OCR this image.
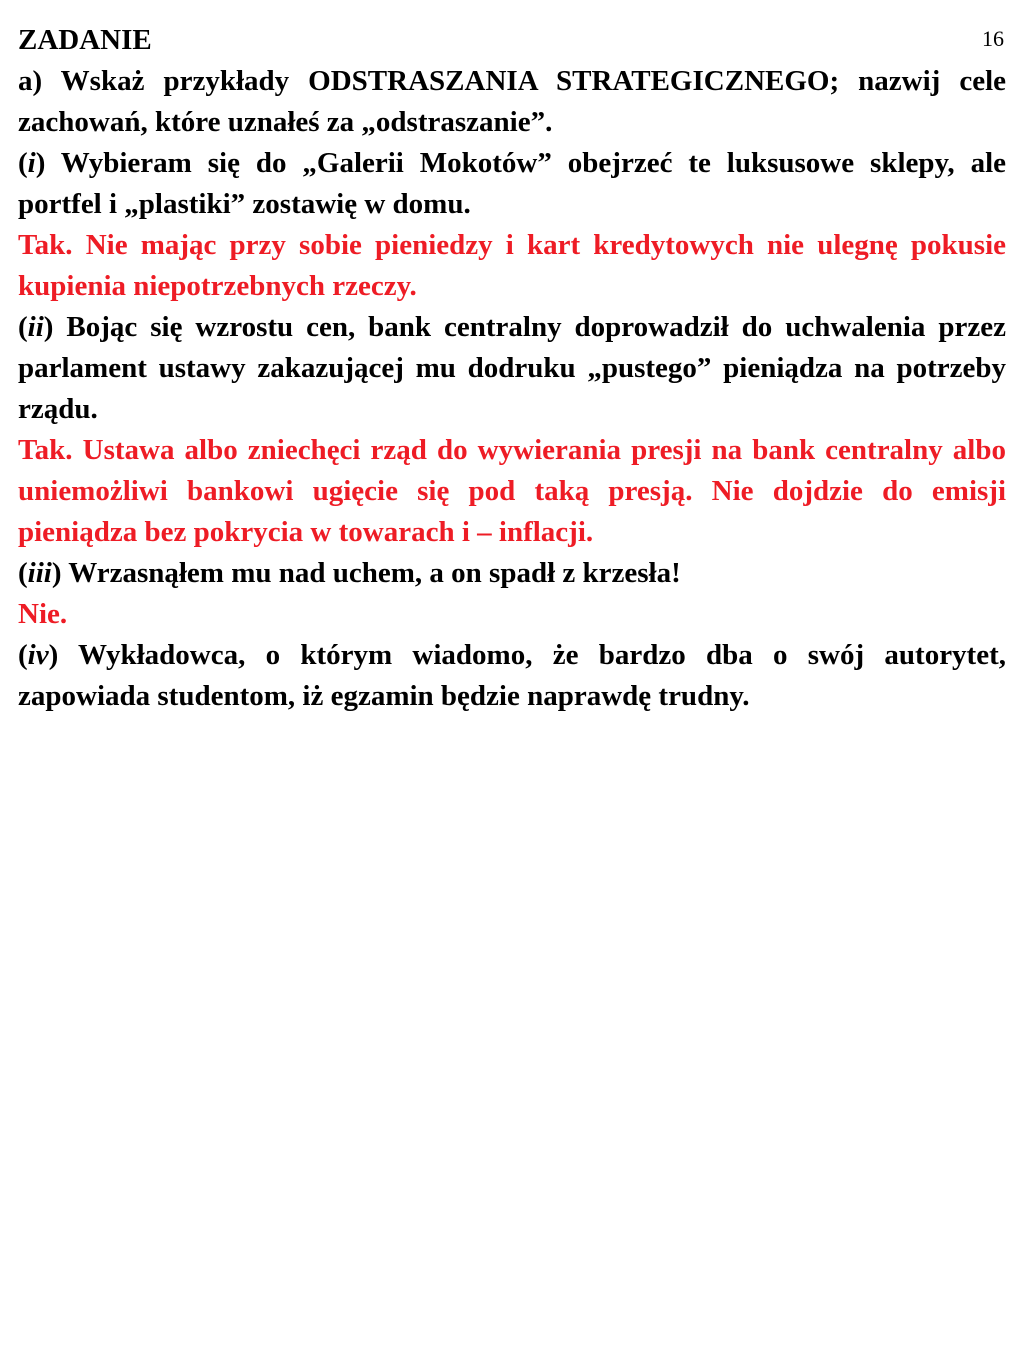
16
ZADANIE

a) Wskaż przykłady ODSTRASZANIA STRATEGICZNEGO; nazwij cele zachowań, które uznałeś za „odstraszanie”.

(i) Wybieram się do „Galerii Mokotów” obejrzeć te luksusowe sklepy, ale portfel i „plastiki” zostawię w domu.

Tak. Nie mając przy sobie pieniedzy i kart kredytowych nie ulegnę pokusie kupienia niepotrzebnych rzeczy.

(ii) Bojąc się wzrostu cen, bank centralny doprowadził do uchwalenia przez parlament ustawy zakazującej mu dodruku „pustego” pieniądza na potrzeby rządu.

Tak. Ustawa albo zniechęci rząd do wywierania presji na bank centralny albo uniemożliwi bankowi ugięcie się pod taką presją. Nie dojdzie do emisji pieniądza bez pokrycia w towarach i – inflacji.

(iii) Wrzasnąłem mu nad uchem, a on spadł z krzesła!

Nie.

(iv) Wykładowca, o którym wiadomo, że bardzo dba o swój autorytet, zapowiada studentom, iż egzamin będzie naprawdę trudny.
